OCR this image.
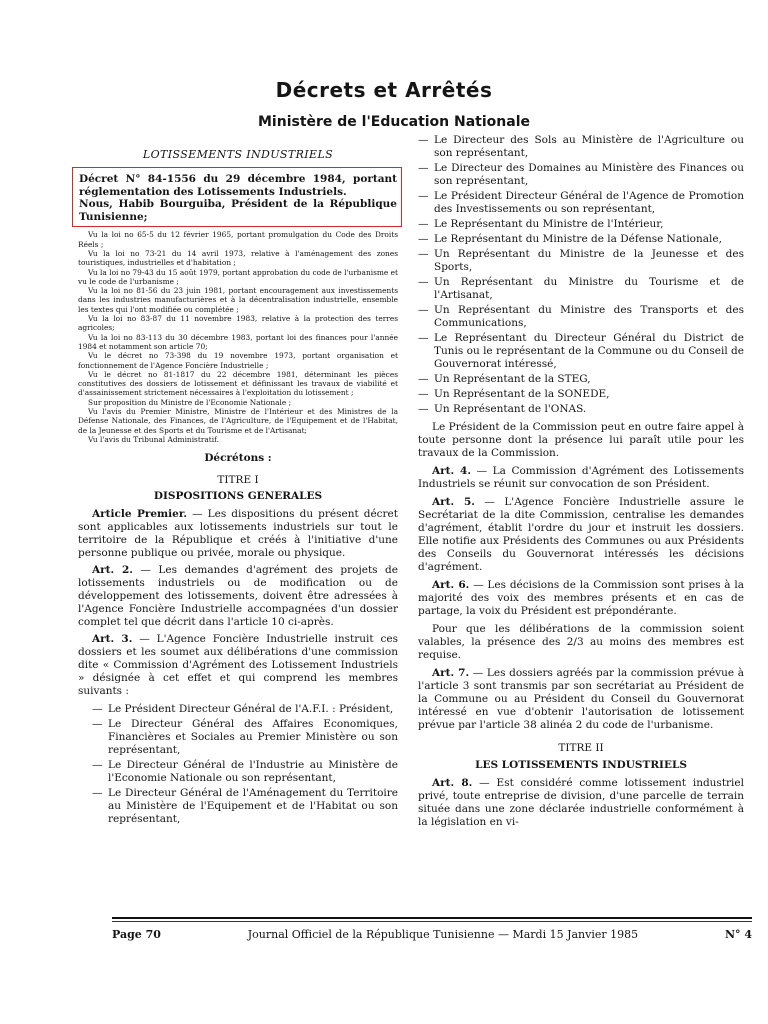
Décrets et Arrêtés
Ministère de l'Education Nationale

LOTISSEMENTS INDUSTRIELS

Décret N° 84-1556 du 29 décembre 1984, portant réglementation des Lotissements Industriels.

Nous, Habib Bourguiba, Président de la République Tunisienne;

Vu la loi no 65-5 du 12 février 1965, portant promulgation du Code des Droits Réels ;

Vu la loi no 73-21 du 14 avril 1973, relative à l'aménagement des zones touristiques, industrielles et d'habitation ;

Vu la loi no 79-43 du 15 août 1979, portant approbation du code de l'urbanisme et vu le code de l'urbanisme ;

Vu la loi no 81-56 du 23 juin 1981, portant encouragement aux investissements dans les industries manufacturières et à la décentralisation industrielle, ensemble les textes qui l'ont modifiée ou complétée ;

Vu la loi no 83-87 du 11 novembre 1983, relative à la protection des terres agricoles;

Vu la loi no 83-113 du 30 décembre 1983, portant loi des finances pour l'année 1984 et notamment son article 70;

Vu le décret no 73-398 du 19 novembre 1973, portant organisation et fonctionnement de l'Agence Foncière Industrielle ;

Vu le décret no 81-1817 du 22 décembre 1981, déterminant les pièces constitutives des dossiers de lotissement et définissant les travaux de viabilité et d'assainissement strictement nécessaires à l'exploitation du lotissement ;

Sur proposition du Ministre de l'Economie Nationale ;

Vu l'avis du Premier Ministre, Ministre de l'Intérieur et des Ministres de la Défense Nationale, des Finances, de l'Agriculture, de l'Equipement et de l'Habitat, de la Jeunesse et des Sports et du Tourisme et de l'Artisanat;

Vu l'avis du Tribunal Administratif.

Décrétons :

TITRE I

DISPOSITIONS GENERALES

Article Premier. — Les dispositions du présent décret sont applicables aux lotissements industriels sur tout le territoire de la République et créés à l'initiative d'une personne publique ou privée, morale ou physique.

Art. 2. — Les demandes d'agrément des projets de lotissements industriels ou de modification ou de développement des lotissements, doivent être adressées à l'Agence Foncière Industrielle accompagnées d'un dossier complet tel que décrit dans l'article 10 ci-après.

Art. 3. — L'Agence Foncière Industrielle instruit ces dossiers et les soumet aux délibérations d'une commission dite « Commission d'Agrément des Lotissement Industriels » désignée à cet effet et qui comprend les membres suivants :

— Le Président Directeur Général de l'A.F.I. : Président,
— Le Directeur Général des Affaires Economiques, Financières et Sociales au Premier Ministère ou son représentant,
— Le Directeur Général de l'Industrie au Ministère de l'Economie Nationale ou son représentant,
— Le Directeur Général de l'Aménagement du Territoire au Ministère de l'Equipement et de l'Habitat ou son représentant,
— Le Directeur des Sols au Ministère de l'Agriculture ou son représentant,
— Le Directeur des Domaines au Ministère des Finances ou son représentant,
— Le Président Directeur Général de l'Agence de Promotion des Investissements ou son représentant,
— Le Représentant du Ministre de l'Intérieur,
— Le Représentant du Ministre de la Défense Nationale,
— Un Représentant du Ministre de la Jeunesse et des Sports,
— Un Représentant du Ministre du Tourisme et de l'Artisanat,
— Un Représentant du Ministre des Transports et des Communications,
— Le Représentant du Directeur Général du District de Tunis ou le représentant de la Commune ou du Conseil de Gouvernorat intéressé,
— Un Représentant de la STEG,
— Un Représentant de la SONEDE,
— Un Représentant de l'ONAS.

Le Président de la Commission peut en outre faire appel à toute personne dont la présence lui paraît utile pour les travaux de la Commission.

Art. 4. — La Commission d'Agrément des Lotissements Industriels se réunit sur convocation de son Président.

Art. 5. — L'Agence Foncière Industrielle assure le Secrétariat de la dite Commission, centralise les demandes d'agrément, établit l'ordre du jour et instruit les dossiers. Elle notifie aux Présidents des Communes ou aux Présidents des Conseils du Gouvernorat intéressés les décisions d'agrément.

Art. 6. — Les décisions de la Commission sont prises à la majorité des voix des membres présents et en cas de partage, la voix du Président est prépondérante.

Pour que les délibérations de la commission soient valables, la présence des 2/3 au moins des membres est requise.

Art. 7. — Les dossiers agréés par la commission prévue à l'article 3 sont transmis par son secrétariat au Président de la Commune ou au Président du Conseil du Gouvernorat intéressé en vue d'obtenir l'autorisation de lotissement prévue par l'article 38 alinéa 2 du code de l'urbanisme.

TITRE II

LES LOTISSEMENTS INDUSTRIELS

Art. 8. — Est considéré comme lotissement industriel privé, toute entreprise de division, d'une parcelle de terrain située dans une zone déclarée industrielle conformément à la législation en vi-

Page 70	Journal Officiel de la République Tunisienne — Mardi 15 Janvier 1985	N° 4
